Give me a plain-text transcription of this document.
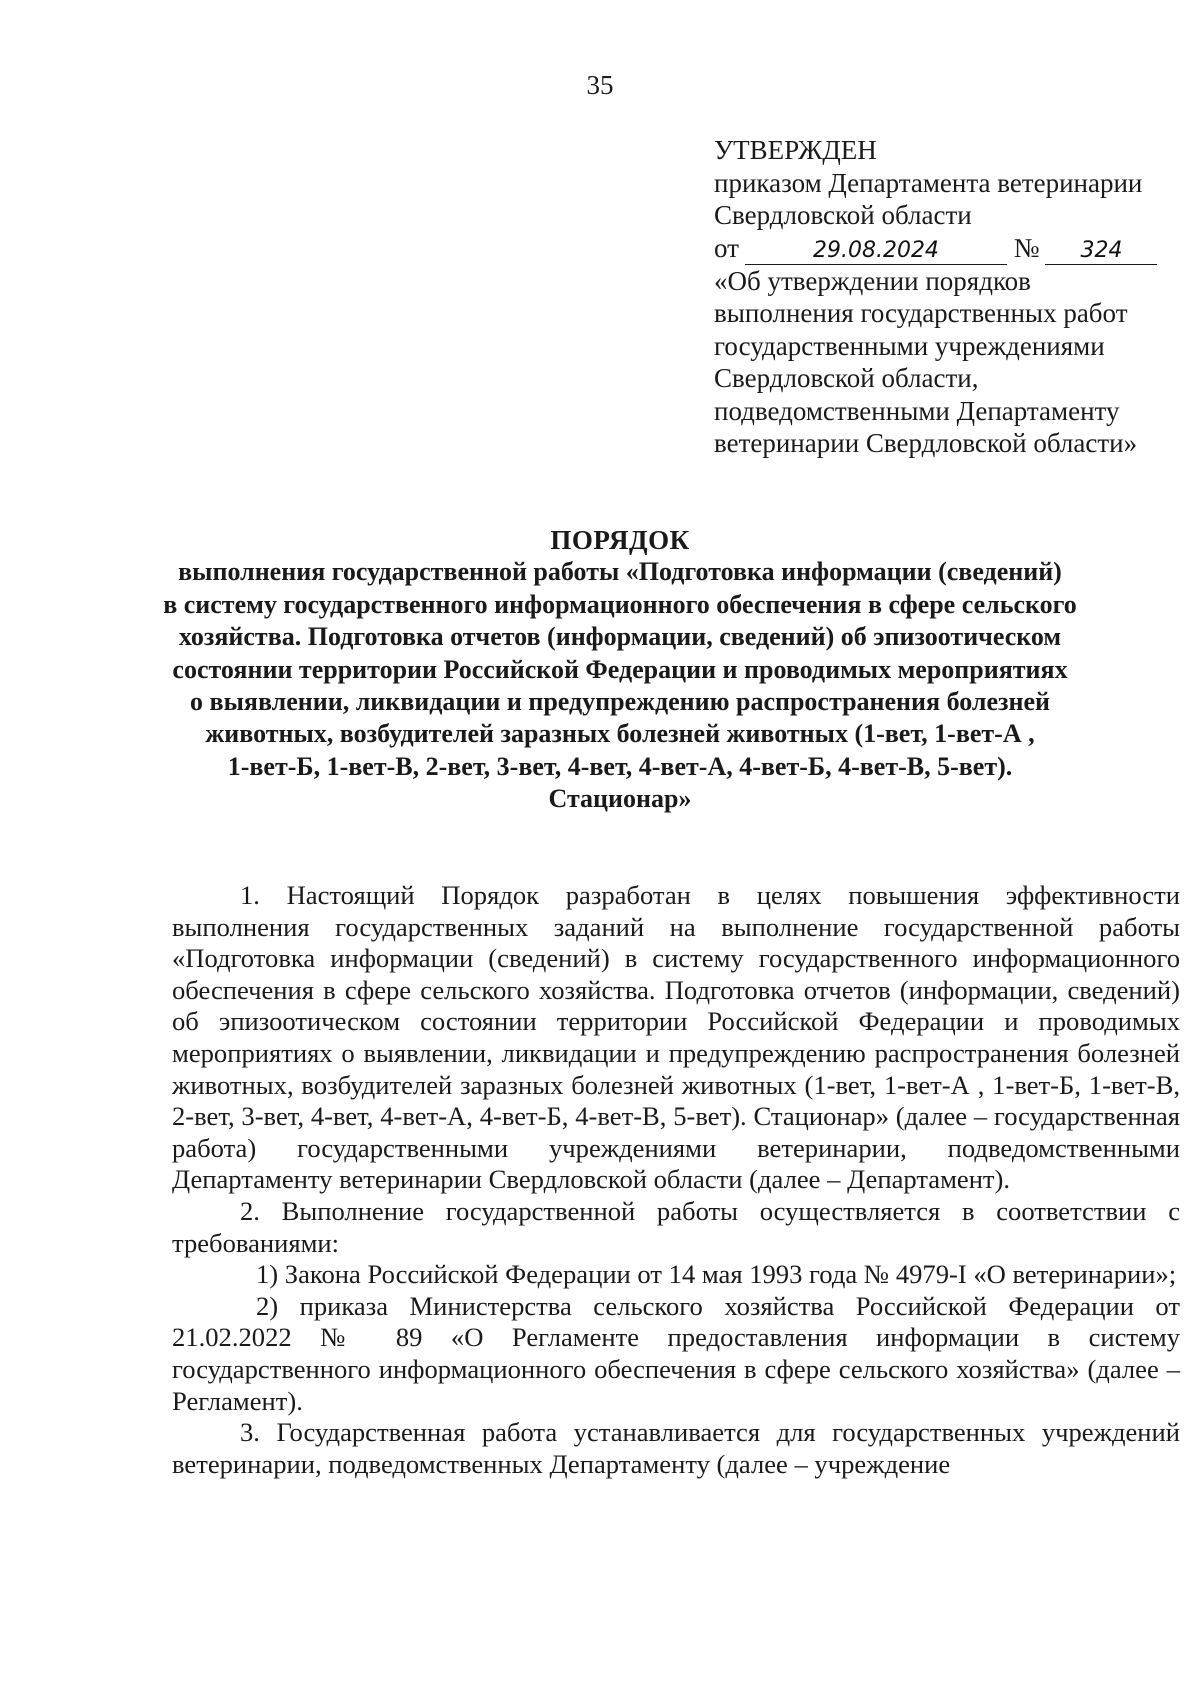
35
УТВЕРЖДЕН
приказом Департамента ветеринарии
Свердловской области
от	29.08.2024	№ 324
«Об утверждении порядков
выполнения государственных работ
государственными учреждениями
Свердловской области,
подведомственными Департаменту
ветеринарии Свердловской области»
ПОРЯДОК
выполнения государственной работы «Подготовка информации (сведений)
в систему государственного информационного обеспечения в сфере сельского
хозяйства. Подготовка отчетов (информации, сведений) об эпизоотическом
состоянии территории Российской Федерации и проводимых мероприятиях
о выявлении, ликвидации и предупреждению распространения болезней
животных, возбудителей заразных болезней животных (1-вет, 1-вет-А ,
1-вет-Б, 1-вет-В, 2-вет, 3-вет, 4-вет, 4-вет-А, 4-вет-Б, 4-вет-В, 5-вет).
Стационар»

1. Настоящий Порядок разработан в целях повышения эффективности выполнения государственных заданий на выполнение государственной работы «Подготовка информации (сведений) в систему государственного информационного обеспечения в сфере сельского хозяйства. Подготовка отчетов (информации, сведений) об эпизоотическом состоянии территории Российской Федерации и проводимых мероприятиях о выявлении, ликвидации и предупреждению распространения болезней животных, возбудителей заразных болезней животных (1-вет, 1-вет-А , 1-вет-Б, 1-вет-В, 2-вет, 3-вет, 4-вет, 4-вет-А, 4-вет-Б, 4-вет-В, 5-вет). Стационар» (далее – государственная работа) государственными учреждениями ветеринарии, подведомственными Департаменту ветеринарии Свердловской области (далее – Департамент).

2. Выполнение государственной работы осуществляется в соответствии с требованиями:

1) Закона Российской Федерации от 14 мая 1993 года № 4979-I «О ветеринарии»;

2) приказа Министерства сельского хозяйства Российской Федерации от 21.02.2022 № 89 «О Регламенте предоставления информации в систему государственного информационного обеспечения в сфере сельского хозяйства» (далее – Регламент).

3. Государственная работа устанавливается для государственных учреждений ветеринарии, подведомственных Департаменту (далее – учреждение
